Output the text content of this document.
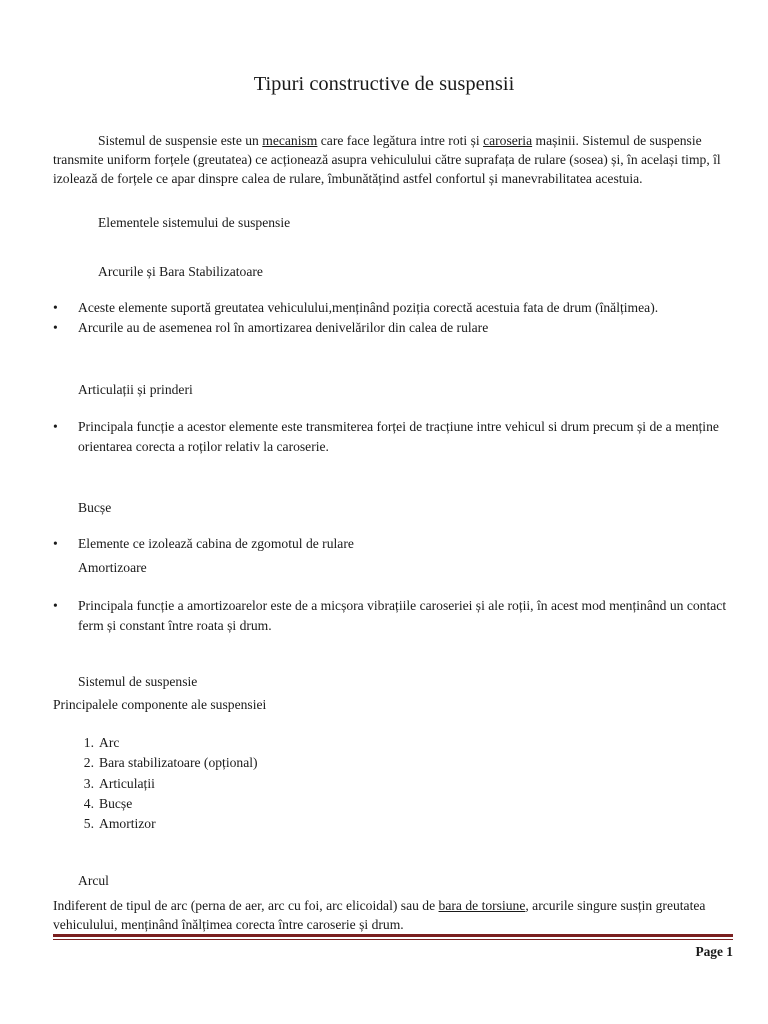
Tipuri constructive de suspensii
Sistemul de suspensie este un mecanism care face legătura intre roti și caroseria mașinii. Sistemul de suspensie transmite uniform forțele (greutatea) ce acționează asupra vehiculului către suprafața de rulare (sosea) și, în același timp, îl izolează de forțele ce apar dinspre calea de rulare, îmbunătățind astfel confortul și manevrabilitatea acestuia.
Elementele sistemului de suspensie
Arcurile și Bara Stabilizatoare
• Aceste elemente suportă greutatea vehiculului,menținând poziția corectă acestuia fata de drum (înălțimea).
• Arcurile au de asemenea rol în amortizarea denivelărilor din calea de rulare
Articulații și prinderi
• Principala funcție a acestor elemente este transmiterea forței de tracțiune intre vehicul si drum precum și de a menține orientarea corecta a roților relativ la caroserie.
Bucșe
• Elemente ce izolează cabina de zgomotul de rulare
Amortizoare
• Principala funcție a amortizoarelor este de a micșora vibrațiile caroseriei și ale roții, în acest mod menținând un contact ferm și constant între roata și drum.
Sistemul de suspensie
Principalele componente ale suspensiei
1. Arc
2. Bara stabilizatoare (opțional)
3. Articulații
4. Bucșe
5. Amortizor
Arcul
Indiferent de tipul de arc (perna de aer, arc cu foi, arc elicoidal) sau de bara de torsiune, arcurile singure susțin greutatea vehiculului, menținând înălțimea corecta între caroserie și drum.
Page 1
